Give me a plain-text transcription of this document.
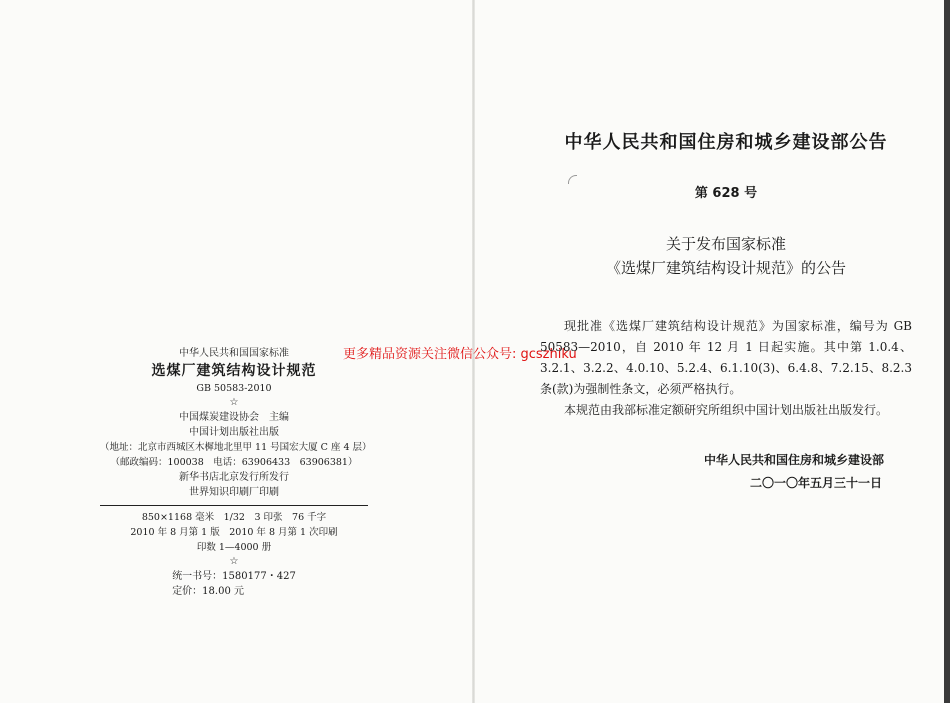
中华人民共和国国家标准
选煤厂建筑结构设计规范
GB 50583-2010
☆
中国煤炭建设协会　主编
中国计划出版社出版
（地址：北京市西城区木樨地北里甲 11 号国宏大厦 C 座 4 层）
（邮政编码：100038　电话：63906433　63906381）
新华书店北京发行所发行
世界知识印刷厂印刷
850×1168 毫米　1/32　3 印张　76 千字
2010 年 8 月第 1 版　2010 年 8 月第 1 次印刷
印数 1—4000 册
☆
统一书号：1580177・427
定价：18.00 元
更多精品资源关注微信公众号: gcszhiku
中华人民共和国住房和城乡建设部公告
第 628 号
关于发布国家标准
《选煤厂建筑结构设计规范》的公告

现批准《选煤厂建筑结构设计规范》为国家标准，编号为 GB 50583—2010，自 2010 年 12 月 1 日起实施。其中第 1.0.4、3.2.1、3.2.2、4.0.10、5.2.4、6.1.10(3)、6.4.8、7.2.15、8.2.3 条(款)为强制性条文，必须严格执行。

本规范由我部标准定额研究所组织中国计划出版社出版发行。

中华人民共和国住房和城乡建设部
二〇一〇年五月三十一日
